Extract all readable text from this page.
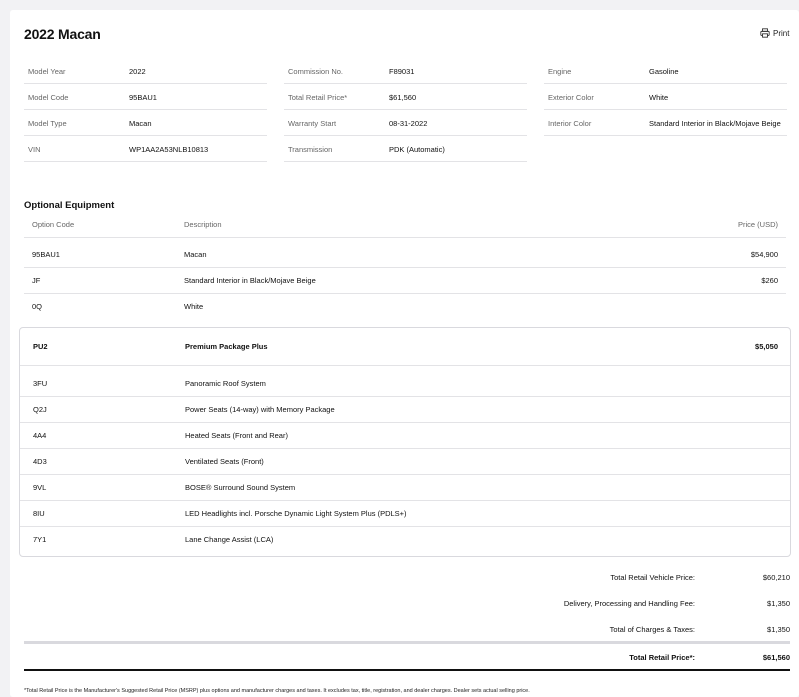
2022 Macan	Print
Model Year	2022
Model Code	95BAU1
Model Type	Macan
VIN	WP1AA2A53NLB10813
Commission No.	F89031
Total Retail Price*	$61,560
Warranty Start	08-31-2022
Transmission	PDK (Automatic)
Engine	Gasoline
Exterior Color	White
Interior Color	Standard Interior in Black/Mojave Beige
Optional Equipment
Option Code	Description	Price (USD)
95BAU1	Macan	$54,900
JF	Standard Interior in Black/Mojave Beige	$260
0Q	White
PU2	Premium Package Plus	$5,050
3FU	Panoramic Roof System
Q2J	Power Seats (14-way) with Memory Package
4A4	Heated Seats (Front and Rear)
4D3	Ventilated Seats (Front)
9VL	BOSE® Surround Sound System
8IU	LED Headlights incl. Porsche Dynamic Light System Plus (PDLS+)
7Y1	Lane Change Assist (LCA)
Total Retail Vehicle Price:	$60,210
Delivery, Processing and Handling Fee:	$1,350
Total of Charges & Taxes:	$1,350
Total Retail Price*:	$61,560
*Total Retail Price is the Manufacturer's Suggested Retail Price (MSRP) plus options and manufacturer charges and taxes. It excludes tax, title, registration, and dealer charges. Dealer sets actual selling price.
